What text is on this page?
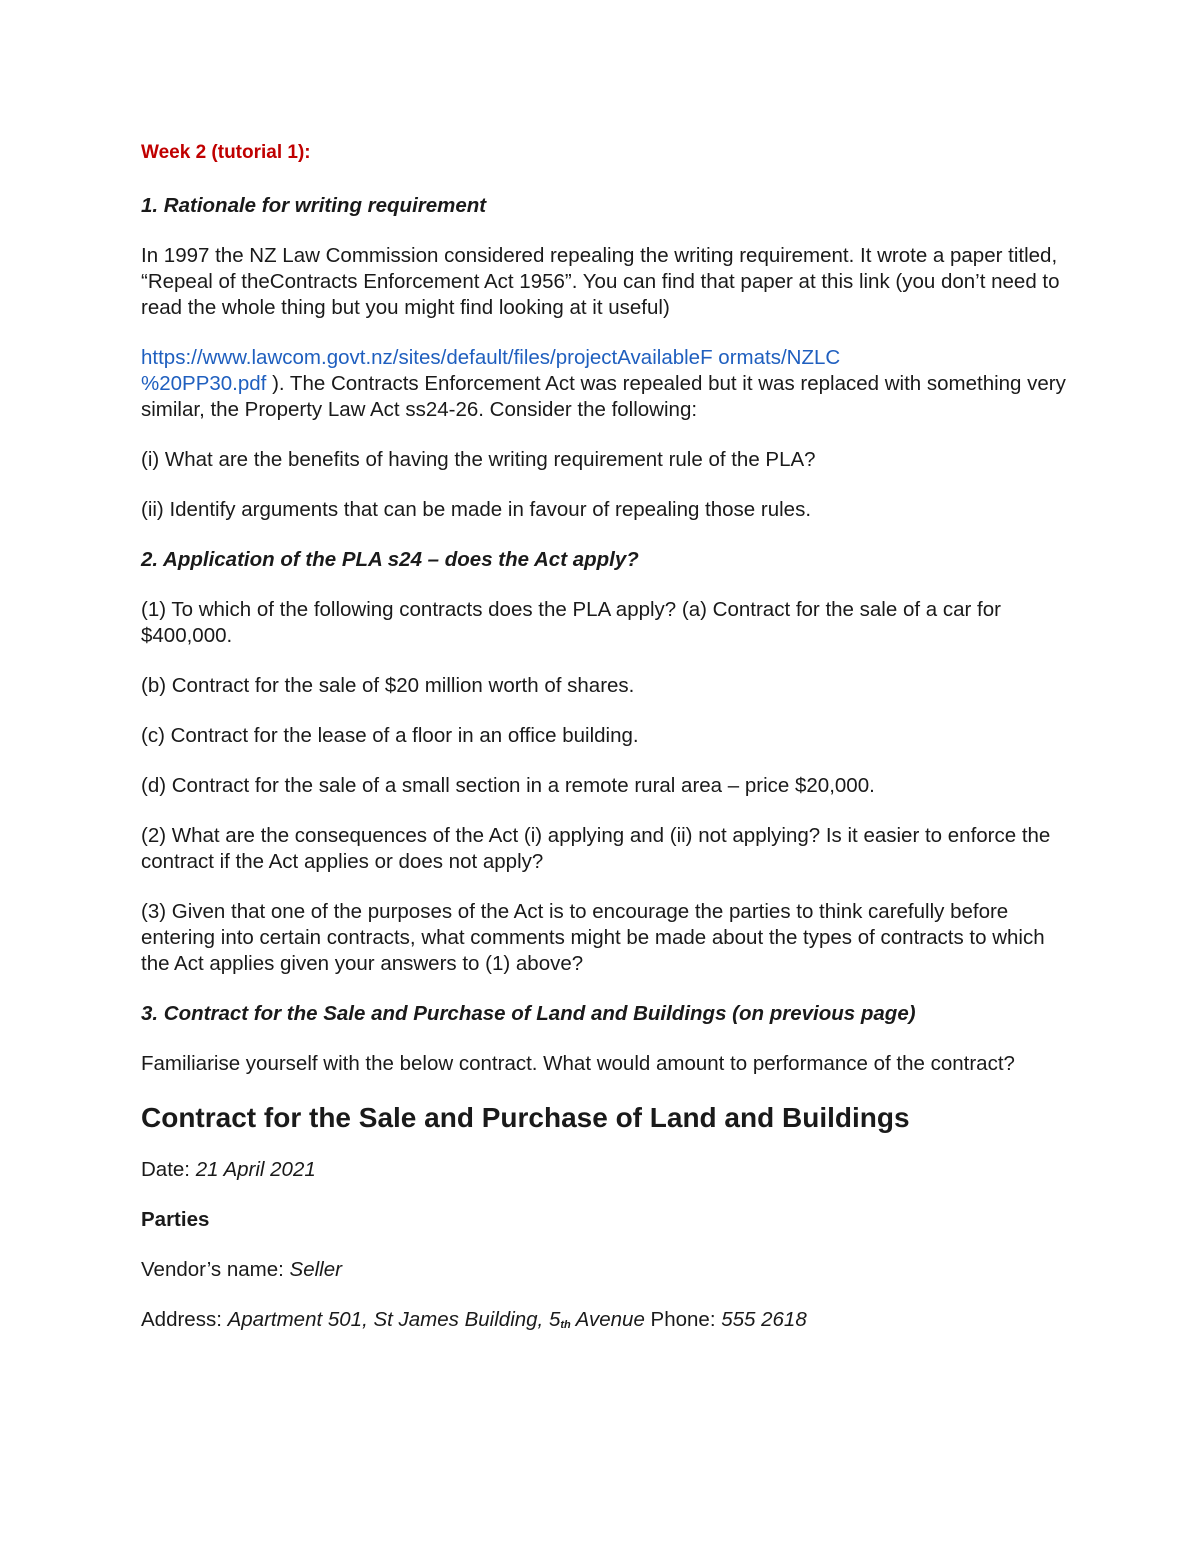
Week 2 (tutorial 1):
1. Rationale for writing requirement
In 1997 the NZ Law Commission considered repealing the writing requirement. It wrote a paper titled, “Repeal of theContracts Enforcement Act 1956”. You can find that paper at this link (you don’t need to read the whole thing but you might find looking at it useful)
https://www.lawcom.govt.nz/sites/default/files/projectAvailableF ormats/NZLC
%20PP30.pdf ). The Contracts Enforcement Act was repealed but it was replaced with something very similar, the Property Law Act ss24-26. Consider the following:
(i) What are the benefits of having the writing requirement rule of the PLA?
(ii) Identify arguments that can be made in favour of repealing those rules.
2. Application of the PLA s24 – does the Act apply?
(1) To which of the following contracts does the PLA apply? (a) Contract for the sale of a car for $400,000.
(b) Contract for the sale of $20 million worth of shares.
(c) Contract for the lease of a floor in an office building.
(d) Contract for the sale of a small section in a remote rural area – price $20,000.
(2) What are the consequences of the Act (i) applying and (ii) not applying? Is it easier to enforce the contract if the Act applies or does not apply?
(3) Given that one of the purposes of the Act is to encourage the parties to think carefully before entering into certain contracts, what comments might be made about the types of contracts to which the Act applies given your answers to (1) above?
3. Contract for the Sale and Purchase of Land and Buildings (on previous page)
Familiarise yourself with the below contract. What would amount to performance of the contract?
Contract for the Sale and Purchase of Land and Buildings
Date: 21 April 2021
Parties
Vendor’s name: Seller
Address: Apartment 501, St James Building, 5th Avenue Phone: 555 2618
